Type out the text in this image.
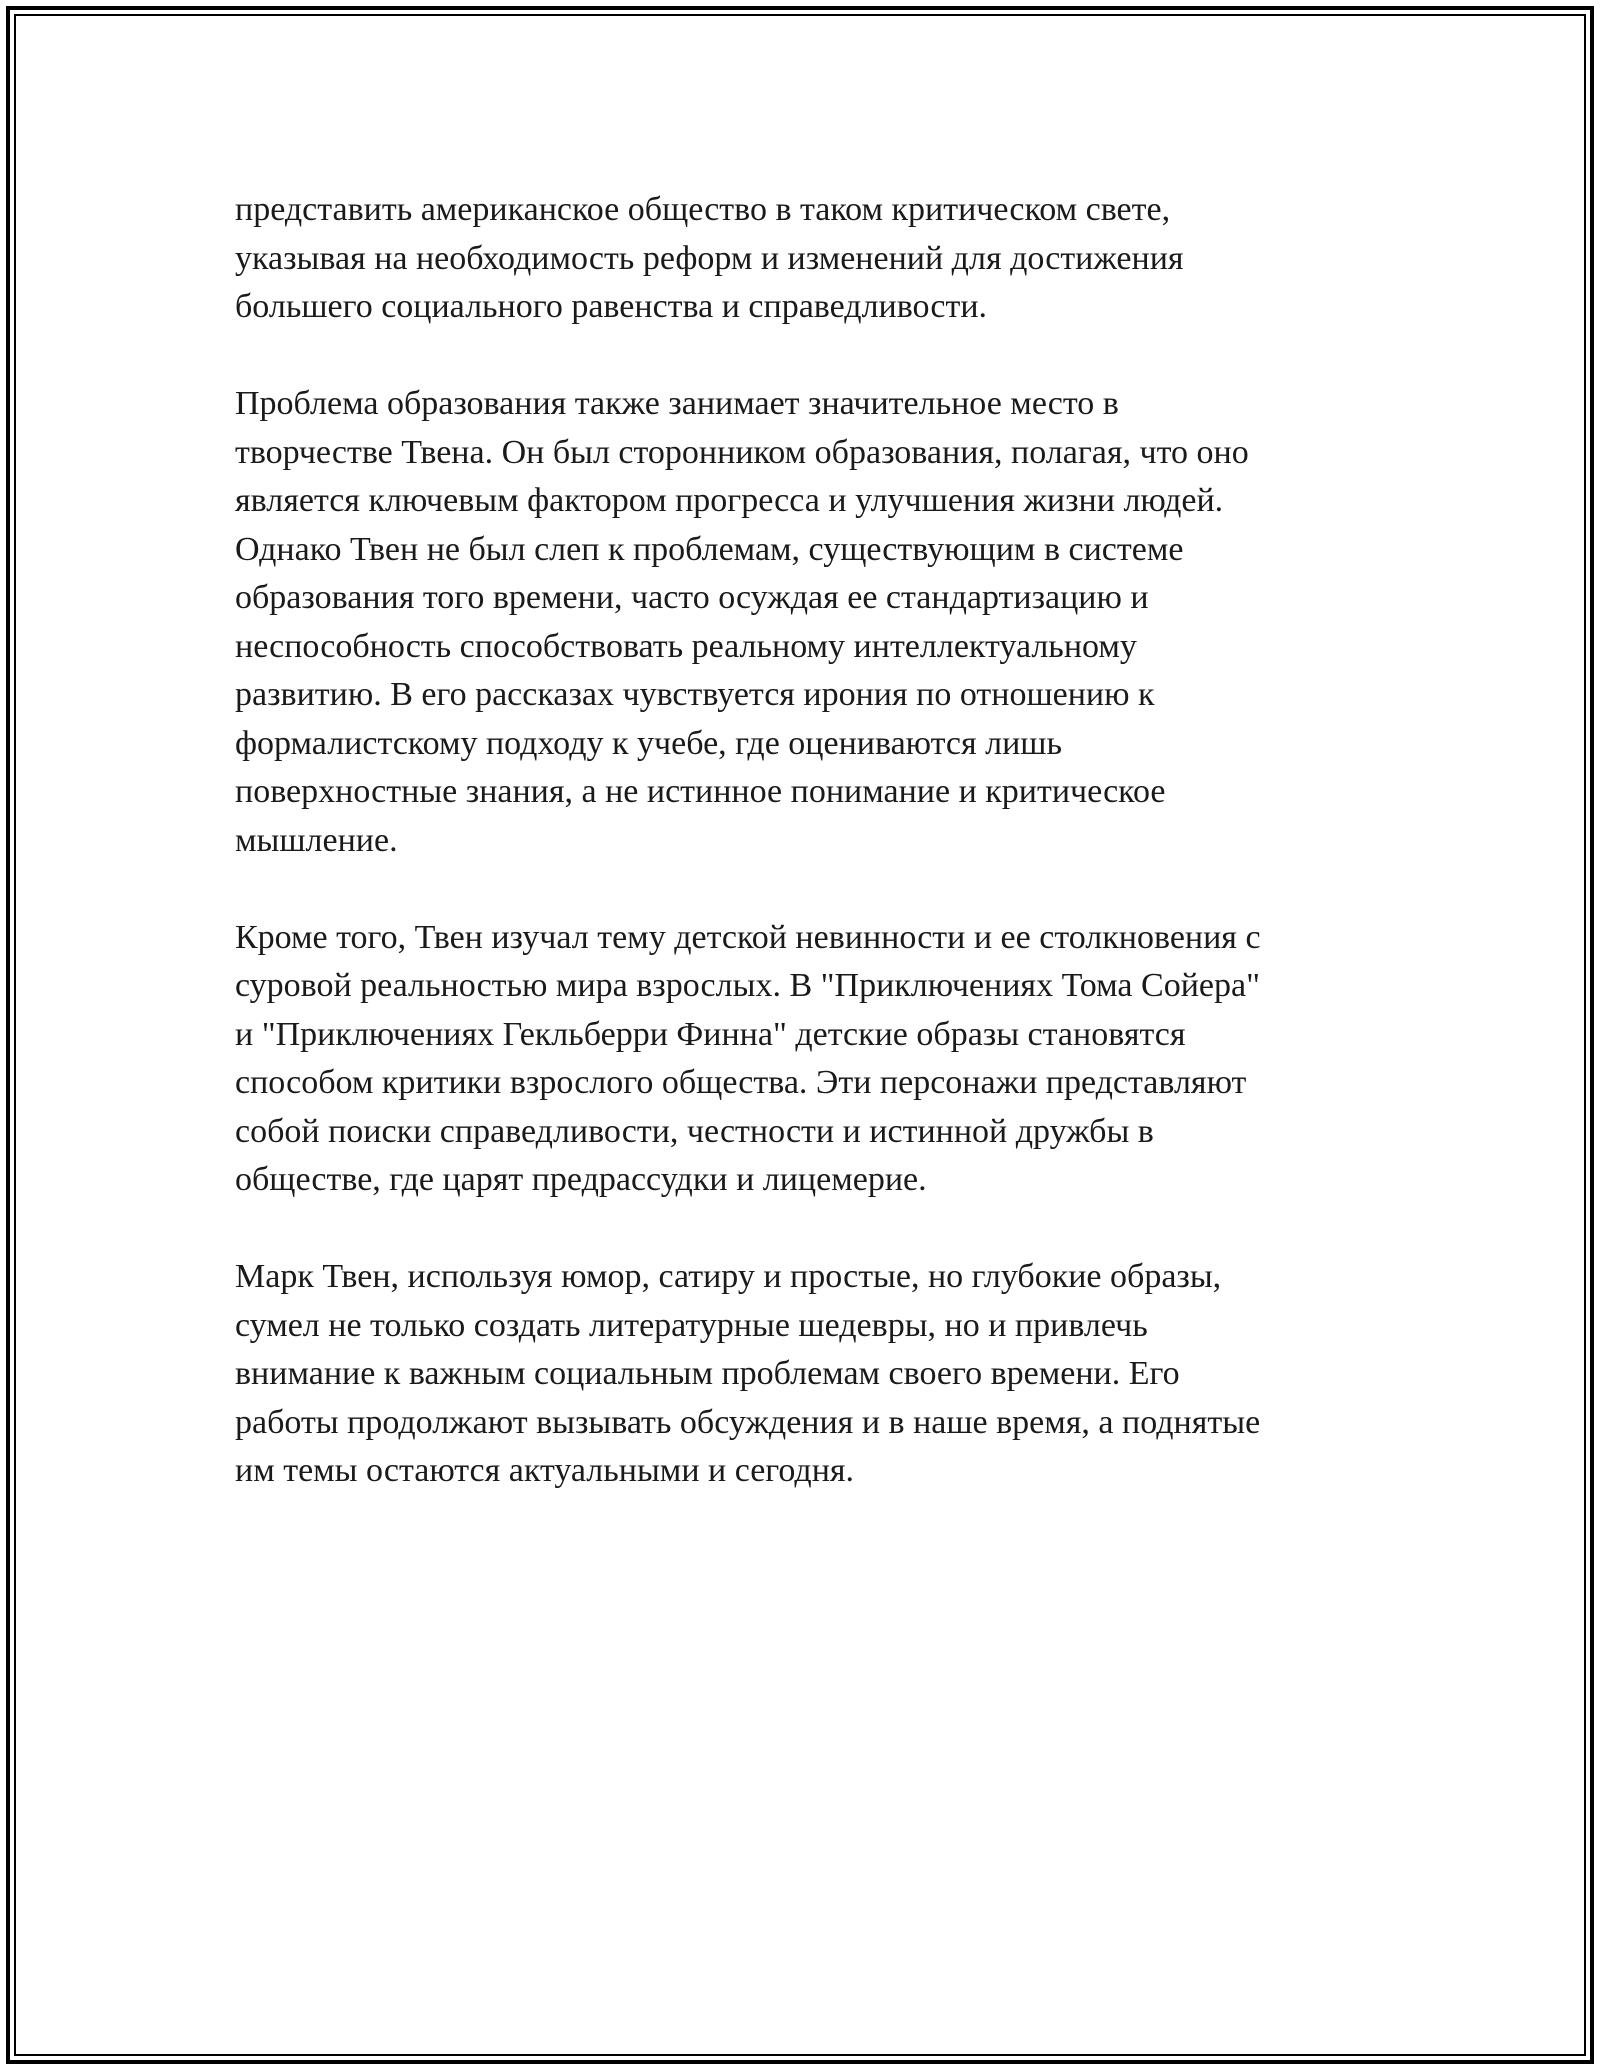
представить американское общество в таком критическом свете,
указывая на необходимость реформ и изменений для достижения
большего социального равенства и справедливости.
Проблема образования также занимает значительное место в
творчестве Твена. Он был сторонником образования, полагая, что оно
является ключевым фактором прогресса и улучшения жизни людей.
Однако Твен не был слеп к проблемам, существующим в системе
образования того времени, часто осуждая ее стандартизацию и
неспособность способствовать реальному интеллектуальному
развитию. В его рассказах чувствуется ирония по отношению к
формалистскому подходу к учебе, где оцениваются лишь
поверхностные знания, а не истинное понимание и критическое
мышление.
Кроме того, Твен изучал тему детской невинности и ее столкновения с
суровой реальностью мира взрослых. В "Приключениях Тома Сойера"
и "Приключениях Гекльберри Финна" детские образы становятся
способом критики взрослого общества. Эти персонажи представляют
собой поиски справедливости, честности и истинной дружбы в
обществе, где царят предрассудки и лицемерие.
Марк Твен, используя юмор, сатиру и простые, но глубокие образы,
сумел не только создать литературные шедевры, но и привлечь
внимание к важным социальным проблемам своего времени. Его
работы продолжают вызывать обсуждения и в наше время, а поднятые
им темы остаются актуальными и сегодня.
